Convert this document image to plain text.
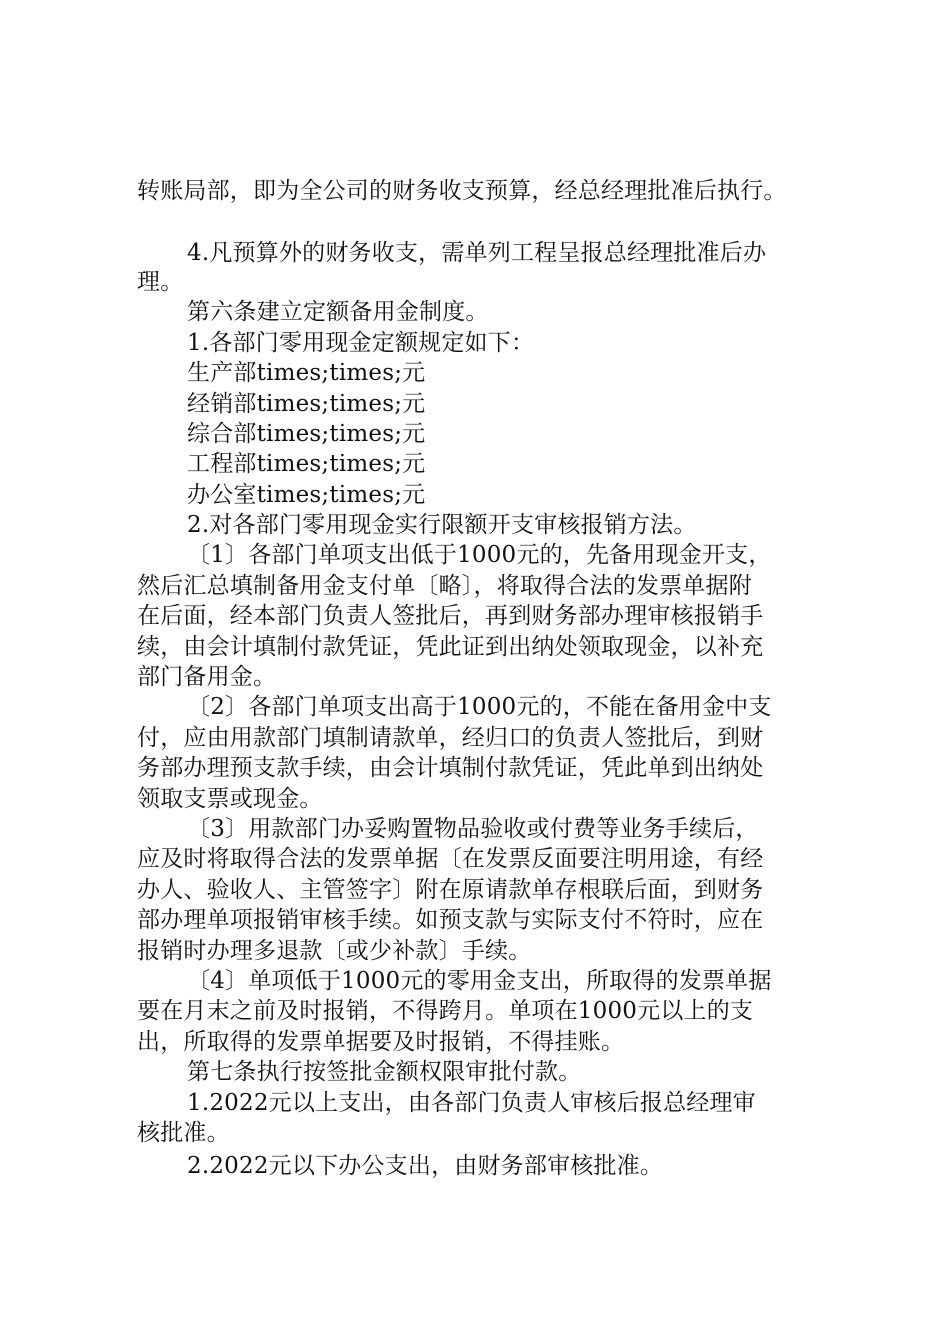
转账局部，即为全公司的财务收支预算，经总经理批准后执行。
4.凡预算外的财务收支，需单列工程呈报总经理批准后办
理。
第六条建立定额备用金制度。
1.各部门零用现金定额规定如下：
生产部times;times;元
经销部times;times;元
综合部times;times;元
工程部times;times;元
办公室times;times;元
2.对各部门零用现金实行限额开支审核报销方法。
〔1〕各部门单项支出低于1000元的，先备用现金开支，
然后汇总填制备用金支付单〔略〕，将取得合法的发票单据附
在后面，经本部门负责人签批后，再到财务部办理审核报销手
续，由会计填制付款凭证，凭此证到出纳处领取现金，以补充
部门备用金。
〔2〕各部门单项支出高于1000元的，不能在备用金中支
付，应由用款部门填制请款单，经归口的负责人签批后，到财
务部办理预支款手续，由会计填制付款凭证，凭此单到出纳处
领取支票或现金。
〔3〕用款部门办妥购置物品验收或付费等业务手续后，
应及时将取得合法的发票单据〔在发票反面要注明用途，有经
办人、验收人、主管签字〕附在原请款单存根联后面，到财务
部办理单项报销审核手续。如预支款与实际支付不符时，应在
报销时办理多退款〔或少补款〕手续。
〔4〕单项低于1000元的零用金支出，所取得的发票单据
要在月末之前及时报销，不得跨月。单项在1000元以上的支
出，所取得的发票单据要及时报销，不得挂账。
第七条执行按签批金额权限审批付款。
1.2022元以上支出，由各部门负责人审核后报总经理审
核批准。
2.2022元以下办公支出，由财务部审核批准。
